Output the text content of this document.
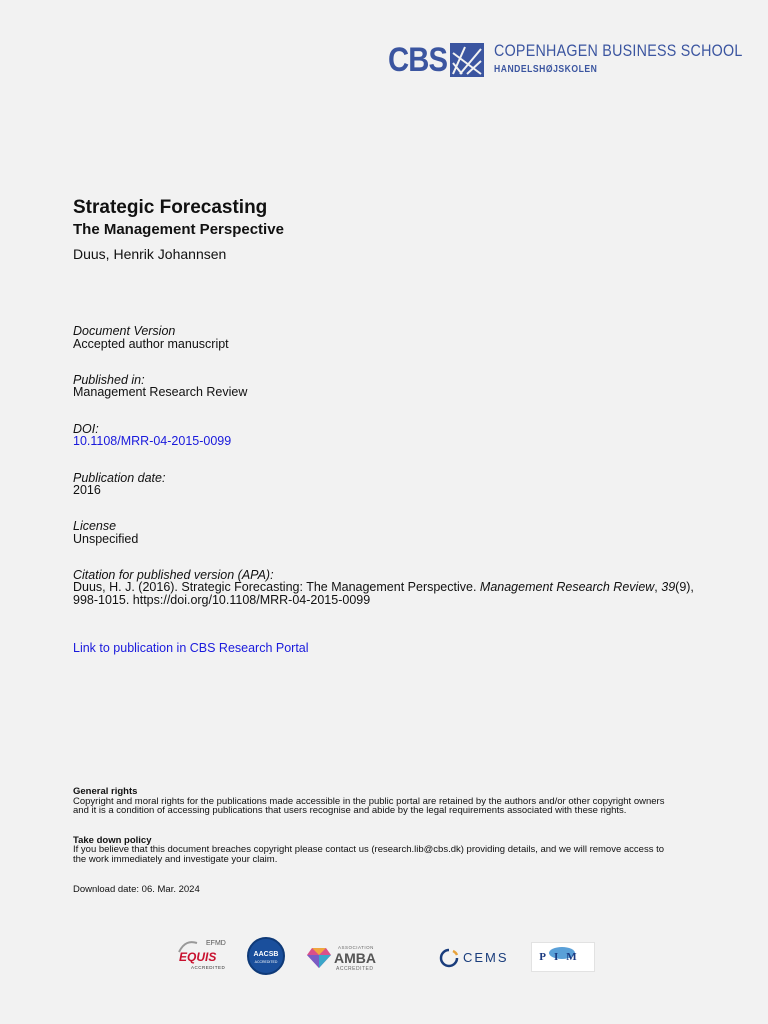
CBS	COPENHAGEN BUSINESS SCHOOL
HANDELSHØJSKOLEN
Strategic Forecasting
The Management Perspective
Duus, Henrik Johannsen
Document Version
Accepted author manuscript
Published in:
Management Research Review
DOI:
10.1108/MRR-04-2015-0099
Publication date:
2016
License
Unspecified
Citation for published version (APA):
Duus, H. J. (2016). Strategic Forecasting: The Management Perspective. Management Research Review, 39(9),
998-1015. https://doi.org/10.1108/MRR-04-2015-0099
Link to publication in CBS Research Portal
General rights
Copyright and moral rights for the publications made accessible in the public portal are retained by the authors and/or other copyright owners
and it is a condition of accessing publications that users recognise and abide by the legal requirements associated with these rights.
Take down policy
If you believe that this document breaches copyright please contact us (research.lib@cbs.dk) providing details, and we will remove access to
the work immediately and investigate your claim.
Download date: 06. Mar. 2024
EFMD
EQUIS
ACCREDITED
AACSB
ACCREDITED
ASSOCIATION
AMBA
ACCREDITED
CEMS	PIM
